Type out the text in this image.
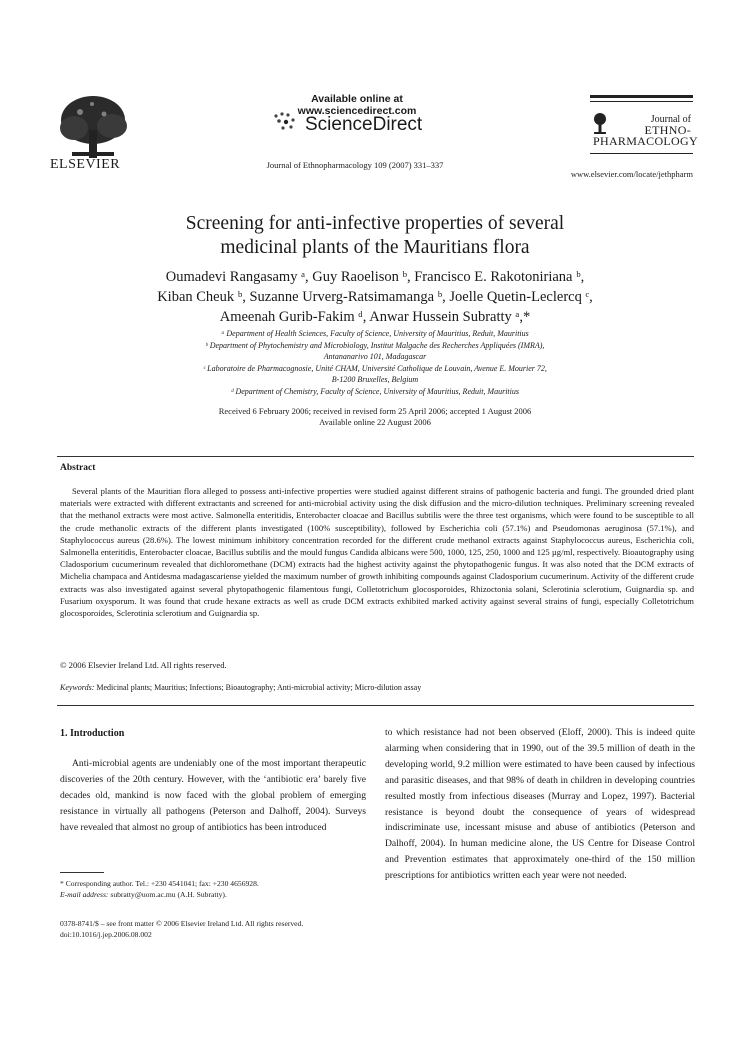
ELSEVIER
Available online at www.sciencedirect.com
ScienceDirect
Journal of Ethnopharmacology 109 (2007) 331–337
Journal of
ETHNO-
PHARMACOLOGY
www.elsevier.com/locate/jethpharm
Screening for anti-infective properties of several
medicinal plants of the Mauritians flora
Oumadevi Rangasamy ᵃ, Guy Raoelison ᵇ, Francisco E. Rakotoniriana ᵇ,
Kiban Cheuk ᵇ, Suzanne Urverg-Ratsimamanga ᵇ, Joelle Quetin-Leclercq ᶜ,
Ameenah Gurib-Fakim ᵈ, Anwar Hussein Subratty ᵃ,*
ᵃ Department of Health Sciences, Faculty of Science, University of Mauritius, Reduit, Mauritius
ᵇ Department of Phytochemistry and Microbiology, Institut Malgache des Recherches Appliquées (IMRA),
Antananarivo 101, Madagascar
ᶜ Laboratoire de Pharmacognosie, Unité CHAM, Université Catholique de Louvain, Avenue E. Mourier 72,
B-1200 Bruxelles, Belgium
ᵈ Department of Chemistry, Faculty of Science, University of Mauritius, Reduit, Mauritius
Received 6 February 2006; received in revised form 25 April 2006; accepted 1 August 2006
Available online 22 August 2006
Abstract
Several plants of the Mauritian flora alleged to possess anti-infective properties were studied against different strains of pathogenic bacteria and fungi. The grounded dried plant materials were extracted with different extractants and screened for anti-microbial activity using the disk diffusion and the micro-dilution techniques. Preliminary screening revealed that the methanol extracts were most active. Salmonella enteritidis, Enterobacter cloacae and Bacillus subtilis were the three test organisms, which were found to be susceptible to all the crude methanolic extracts of the different plants investigated (100% susceptibility), followed by Escherichia coli (57.1%) and Pseudomonas aeruginosa (57.1%), and Staphylococcus aureus (28.6%). The lowest minimum inhibitory concentration recorded for the different crude methanol extracts against Staphylococcus aureus, Escherichia coli, Salmonella enteritidis, Enterobacter cloacae, Bacillus subtilis and the mould fungus Candida albicans were 500, 1000, 125, 250, 1000 and 125 µg/ml, respectively. Bioautography using Cladosporium cucumerinum revealed that dichloromethane (DCM) extracts had the highest activity against the phytopathogenic fungus. It was also noted that the DCM extracts of Michelia champaca and Antidesma madagascariense yielded the maximum number of growth inhibiting compounds against Cladosporium cucumerinum. Activity of the different crude extracts was also investigated against several phytopathogenic filamentous fungi, Colletotrichum glocosporoides, Rhizoctonia solani, Sclerotinia sclerotium, Guignardia sp. and Fusarium oxysporum. It was found that crude hexane extracts as well as crude DCM extracts exhibited marked activity against several strains of fungi, especially Colletotrichum glocosporoides, Sclerotinia sclerotium and Guignardia sp.
© 2006 Elsevier Ireland Ltd. All rights reserved.
Keywords: Medicinal plants; Mauritius; Infections; Bioautography; Anti-microbial activity; Micro-dilution assay
1. Introduction
Anti-microbial agents are undeniably one of the most important therapeutic discoveries of the 20th century. However, with the ‘antibiotic era’ barely five decades old, mankind is now faced with the global problem of emerging resistance in virtually all pathogens (Peterson and Dalhoff, 2004). Surveys have revealed that almost no group of antibiotics has been introduced
to which resistance had not been observed (Eloff, 2000). This is indeed quite alarming when considering that in 1990, out of the 39.5 million of death in the developing world, 9.2 million were estimated to have been caused by infectious and parasitic diseases, and that 98% of death in children in developing countries resulted mostly from infectious diseases (Murray and Lopez, 1997). Bacterial resistance is beyond doubt the consequence of years of widespread indiscriminate use, incessant misuse and abuse of antibiotics (Peterson and Dalhoff, 2004). In human medicine alone, the US Centre for Disease Control and Prevention estimates that approximately one-third of the 150 million prescriptions for antibiotics written each year were not needed.
* Corresponding author. Tel.: +230 4541041; fax: +230 4656928.
E-mail address: subratty@uom.ac.mu (A.H. Subratty).
0378-8741/$ – see front matter © 2006 Elsevier Ireland Ltd. All rights reserved.
doi:10.1016/j.jep.2006.08.002
